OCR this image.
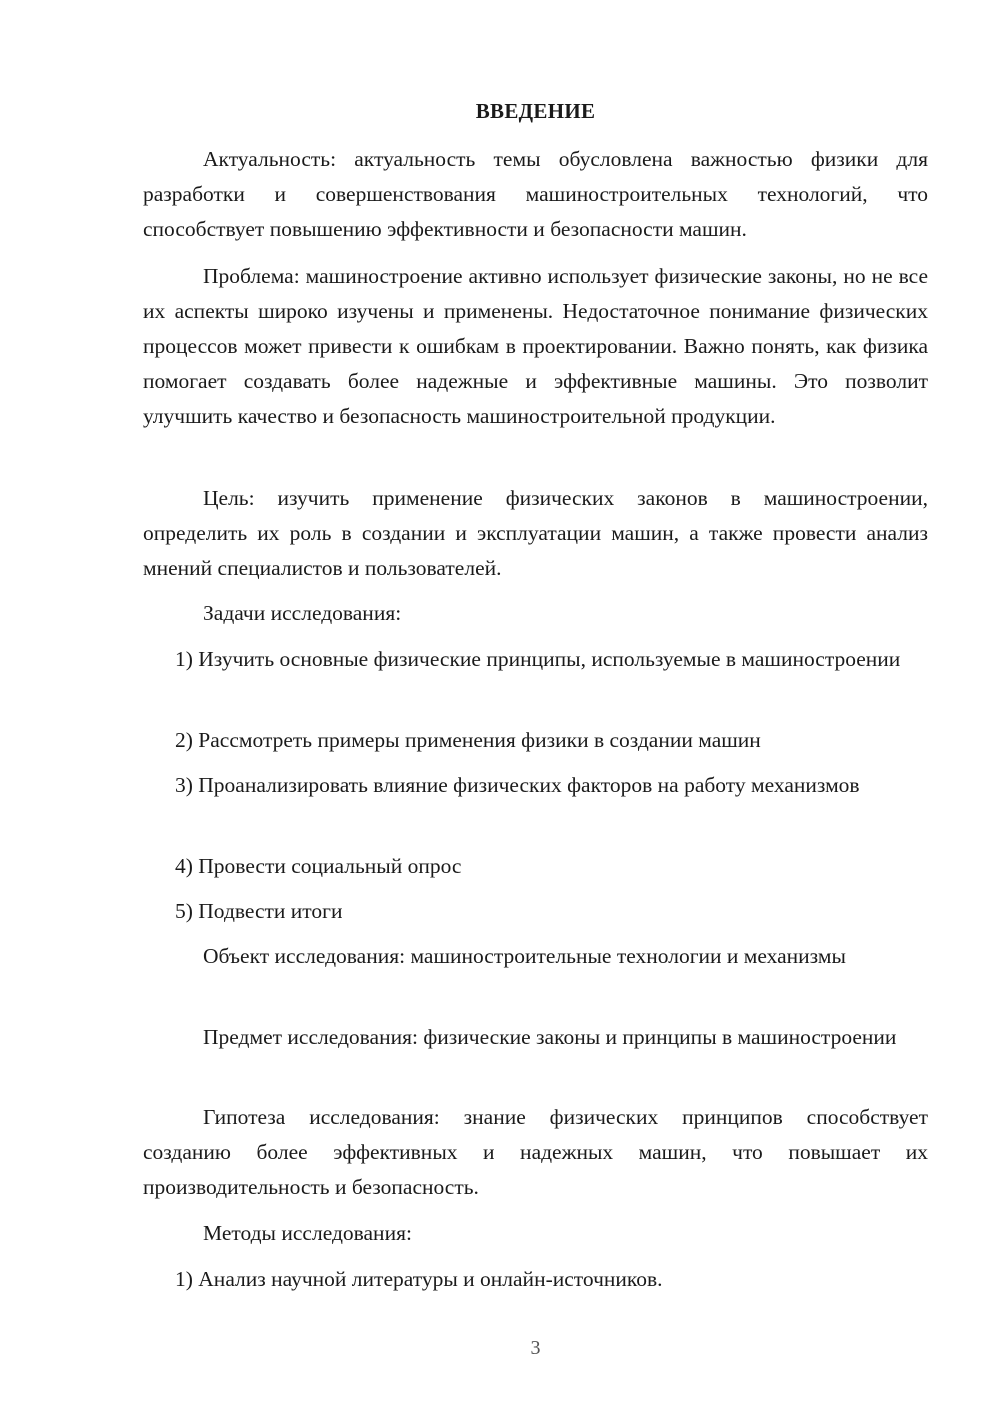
ВВЕДЕНИЕ

Актуальность: актуальность темы обусловлена важностью физики для разработки и совершенствования машиностроительных технологий, что способствует повышению эффективности и безопасности машин.

Проблема: машиностроение активно использует физические законы, но не все их аспекты широко изучены и применены. Недостаточное понимание физических процессов может привести к ошибкам в проектировании. Важно понять, как физика помогает создавать более надежные и эффективные машины. Это позволит улучшить качество и безопасность машиностроительной продукции.

Цель: изучить применение физических законов в машиностроении, определить их роль в создании и эксплуатации машин, а также провести анализ мнений специалистов и пользователей.

Задачи исследования:

1) Изучить основные физические принципы, используемые в машиностроении

2) Рассмотреть примеры применения физики в создании машин

3) Проанализировать влияние физических факторов на работу механизмов

4) Провести социальный опрос

5) Подвести итоги

Объект исследования: машиностроительные технологии и механизмы

Предмет исследования: физические законы и принципы в машиностроении

Гипотеза исследования: знание физических принципов способствует созданию более эффективных и надежных машин, что повышает их производительность и безопасность.

Методы исследования:

1) Анализ научной литературы и онлайн-источников.

3
